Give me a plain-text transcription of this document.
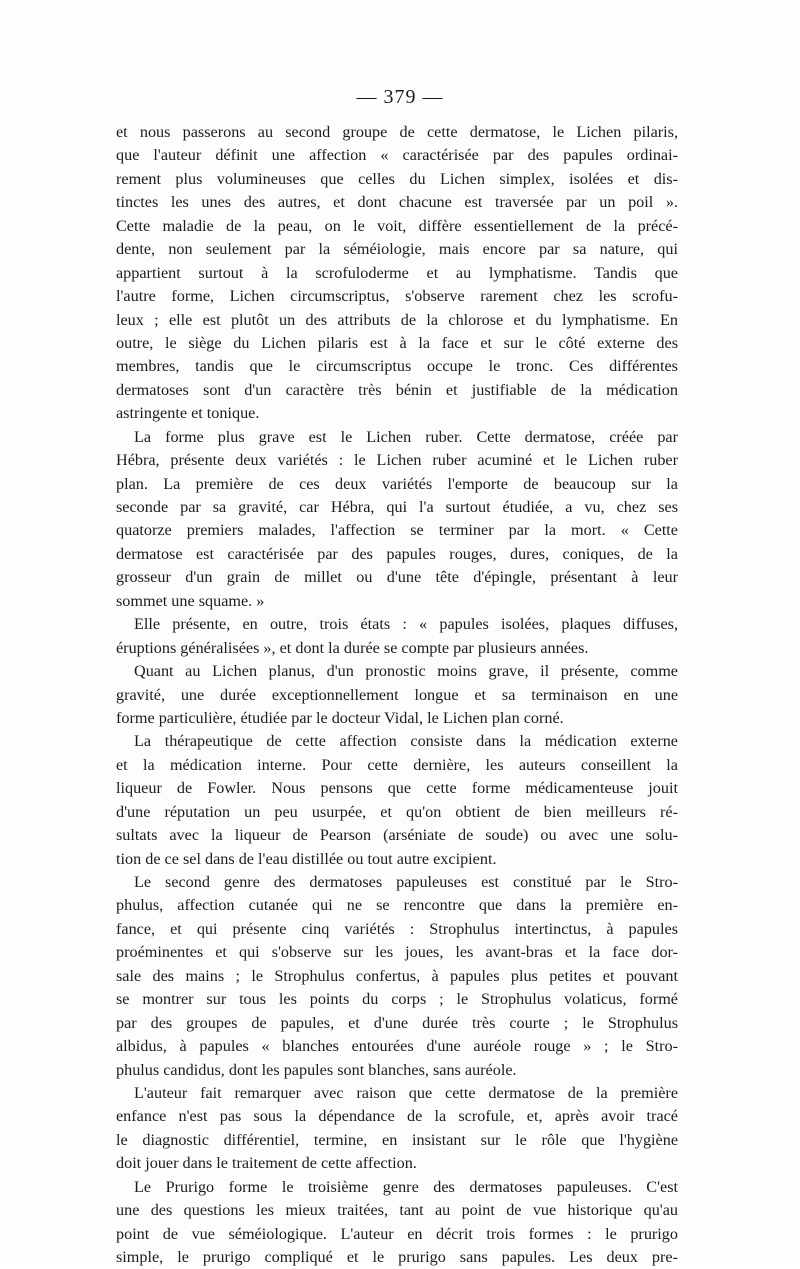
— 379 —
et nous passerons au second groupe de cette dermatose, le Lichen pilaris,
que l'auteur définit une affection « caractérisée par des papules ordinai-
rement plus volumineuses que celles du Lichen simplex, isolées et dis-
tinctes les unes des autres, et dont chacune est traversée par un poil ».
Cette maladie de la peau, on le voit, diffère essentiellement de la précé-
dente, non seulement par la séméiologie, mais encore par sa nature, qui
appartient surtout à la scrofuloderme et au lymphatisme. Tandis que
l'autre forme, Lichen circumscriptus, s'observe rarement chez les scrofu-
leux ; elle est plutôt un des attributs de la chlorose et du lymphatisme. En
outre, le siège du Lichen pilaris est à la face et sur le côté externe des
membres, tandis que le circumscriptus occupe le tronc. Ces différentes
dermatoses sont d'un caractère très bénin et justifiable de la médication
astringente et tonique.
La forme plus grave est le Lichen ruber. Cette dermatose, créée par
Hébra, présente deux variétés : le Lichen ruber acuminé et le Lichen ruber
plan. La première de ces deux variétés l'emporte de beaucoup sur la
seconde par sa gravité, car Hébra, qui l'a surtout étudiée, a vu, chez ses
quatorze premiers malades, l'affection se terminer par la mort. « Cette
dermatose est caractérisée par des papules rouges, dures, coniques, de la
grosseur d'un grain de millet ou d'une tête d'épingle, présentant à leur
sommet une squame. »
Elle présente, en outre, trois états : « papules isolées, plaques diffuses,
éruptions généralisées », et dont la durée se compte par plusieurs années.
Quant au Lichen planus, d'un pronostic moins grave, il présente, comme
gravité, une durée exceptionnellement longue et sa terminaison en une
forme particulière, étudiée par le docteur Vidal, le Lichen plan corné.
La thérapeutique de cette affection consiste dans la médication externe
et la médication interne. Pour cette dernière, les auteurs conseillent la
liqueur de Fowler. Nous pensons que cette forme médicamenteuse jouit
d'une réputation un peu usurpée, et qu'on obtient de bien meilleurs ré-
sultats avec la liqueur de Pearson (arséniate de soude) ou avec une solu-
tion de ce sel dans de l'eau distillée ou tout autre excipient.
Le second genre des dermatoses papuleuses est constitué par le Stro-
phulus, affection cutanée qui ne se rencontre que dans la première en-
fance, et qui présente cinq variétés : Strophulus intertinctus, à papules
proéminentes et qui s'observe sur les joues, les avant-bras et la face dor-
sale des mains ; le Strophulus confertus, à papules plus petites et pouvant
se montrer sur tous les points du corps ; le Strophulus volaticus, formé
par des groupes de papules, et d'une durée très courte ; le Strophulus
albidus, à papules « blanches entourées d'une auréole rouge » ; le Stro-
phulus candidus, dont les papules sont blanches, sans auréole.
L'auteur fait remarquer avec raison que cette dermatose de la première
enfance n'est pas sous la dépendance de la scrofule, et, après avoir tracé
le diagnostic différentiel, termine, en insistant sur le rôle que l'hygiène
doit jouer dans le traitement de cette affection.
Le Prurigo forme le troisième genre des dermatoses papuleuses. C'est
une des questions les mieux traitées, tant au point de vue historique qu'au
point de vue séméiologique. L'auteur en décrit trois formes : le prurigo
simple, le prurigo compliqué et le prurigo sans papules. Les deux pre-
